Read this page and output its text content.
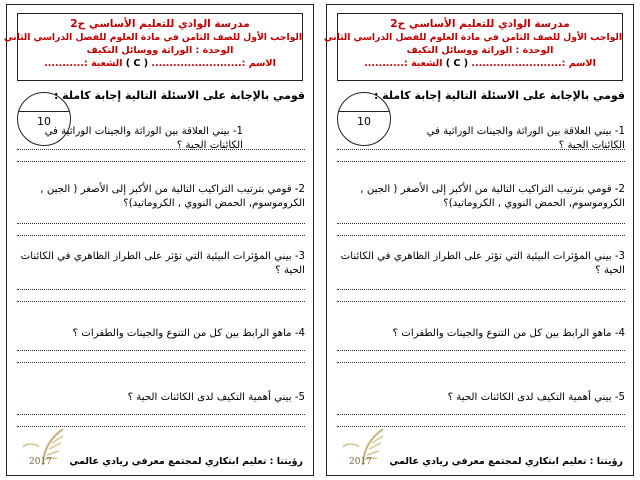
مدرسة الوادي للتعليم الأساسي ح2
الواجب الأول للصف الثامن في مادة العلوم للفصل الدراسي الثاني
الوحدة : الوراثة ووسائل التكيف
الاسم :......................... ( C ) الشعبة :...........
قومي بالإجابة على الاسئلة التالية إجابة كاملة :
10
1- بيني العلاقة بين الوراثة والجينات الوراثية في الكائنات الحية ؟
2- قومي بترتيب التراكيب التالية من الأكبر إلى الأصغر ( الجين , الكروموسوم, الحمض النووي , الكروماتيد)؟
3- بيني المؤثرات البيئية التي تؤثر على الطراز الظاهري في الكائنات الحية ؟
4- ماهو الرابط بين كل من التنوع والجينات والطفرات ؟
5- بيني أهمية التكيف لدى الكائنات الحية ؟
2017 رؤيتنا : تعليم ابتكاري لمجتمع معرفي ريادي عالمي
مدرسة الوادي للتعليم الأساسي ح2
الواجب الأول للصف الثامن في مادة العلوم للفصل الدراسي الثاني
الوحدة : الوراثة ووسائل التكيف
الاسم :......................... ( C ) الشعبة :...........
قومي بالإجابة على الاسئلة التالية إجابة كاملة :
10
1- بيني العلاقة بين الوراثة والجينات الوراثية في الكائنات الحية ؟
2- قومي بترتيب التراكيب التالية من الأكبر إلى الأصغر ( الجين , الكروموسوم, الحمض النووي , الكروماتيد)؟
3- بيني المؤثرات البيئية التي تؤثر على الطراز الظاهري في الكائنات الحية ؟
4- ماهو الرابط بين كل من التنوع والجينات والطفرات ؟
5- بيني أهمية التكيف لدى الكائنات الحية ؟
2017 رؤيتنا : تعليم ابتكاري لمجتمع معرفي ريادي عالمي
